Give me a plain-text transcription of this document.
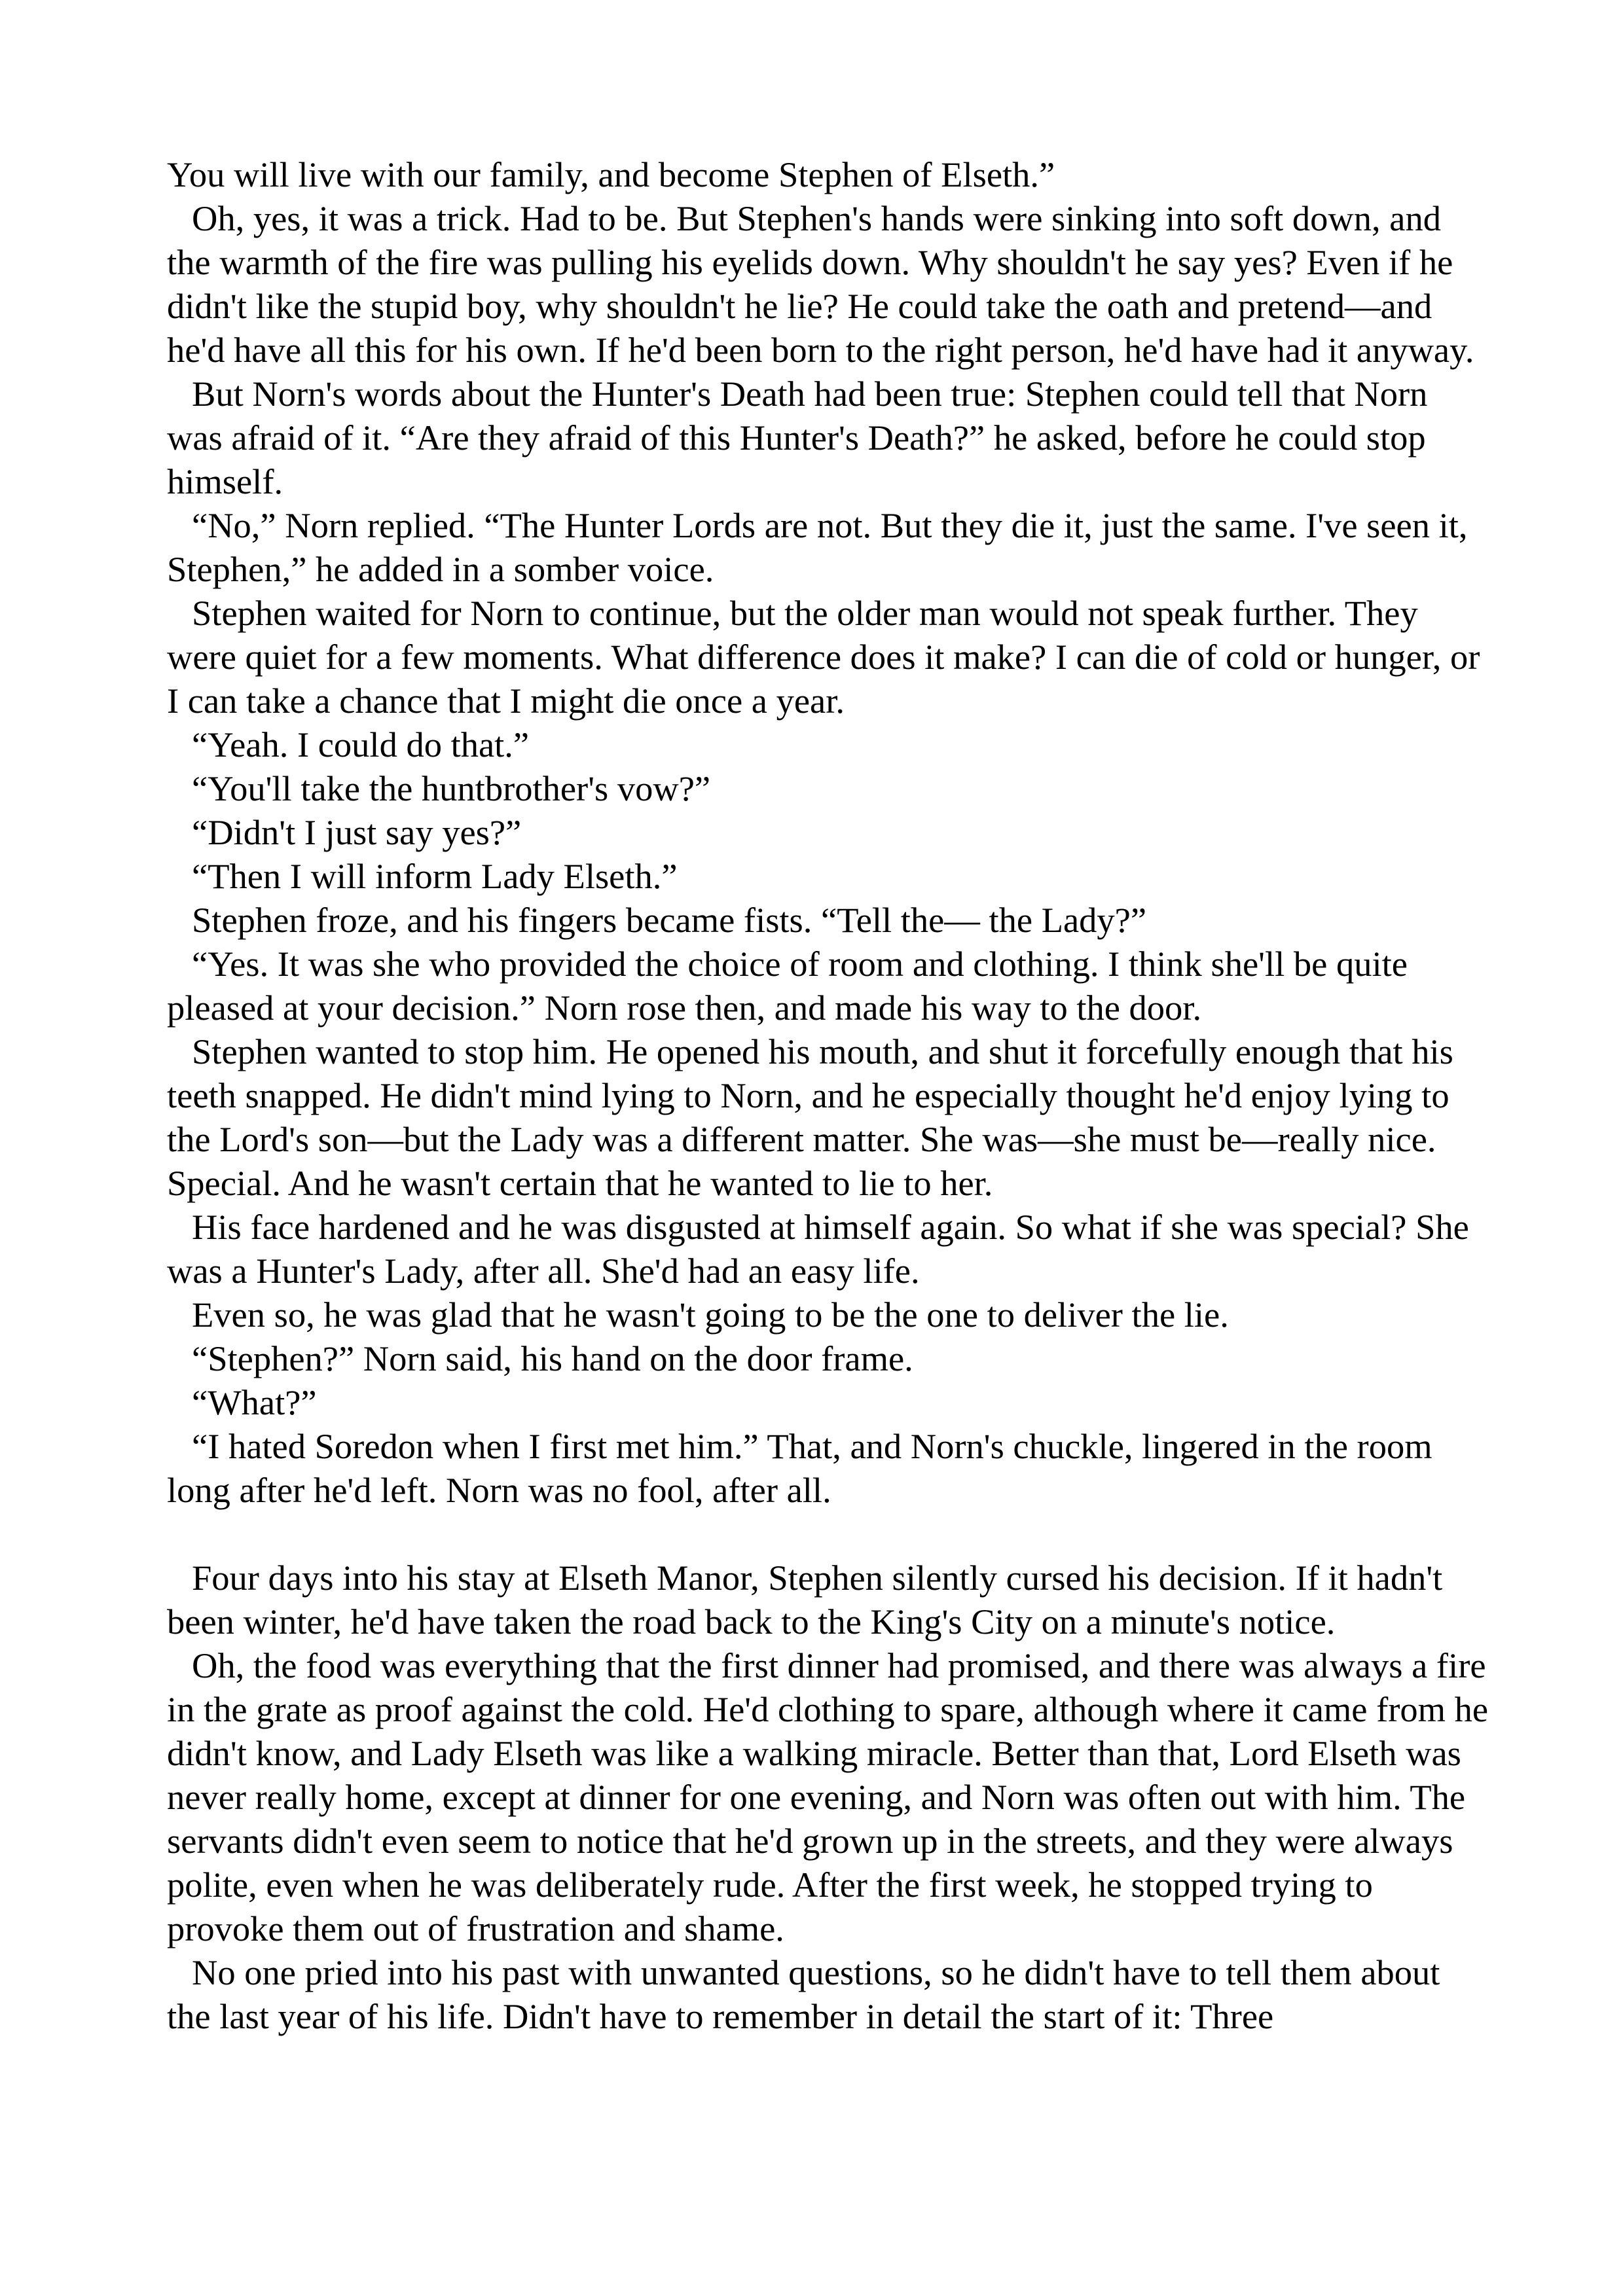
You will live with our family, and become Stephen of Elseth.”

Oh, yes, it was a trick. Had to be. But Stephen's hands were sinking into soft down, and the warmth of the fire was pulling his eyelids down. Why shouldn't he say yes? Even if he didn't like the stupid boy, why shouldn't he lie? He could take the oath and pretend—and he'd have all this for his own. If he'd been born to the right person, he'd have had it anyway.

But Norn's words about the Hunter's Death had been true: Stephen could tell that Norn was afraid of it. “Are they afraid of this Hunter's Death?” he asked, before he could stop himself.

“No,” Norn replied. “The Hunter Lords are not. But they die it, just the same. I've seen it, Stephen,” he added in a somber voice.

Stephen waited for Norn to continue, but the older man would not speak further. They were quiet for a few moments. What difference does it make? I can die of cold or hunger, or I can take a chance that I might die once a year.

“Yeah. I could do that.”

“You'll take the huntbrother's vow?”

“Didn't I just say yes?”

“Then I will inform Lady Elseth.”

Stephen froze, and his fingers became fists. “Tell the— the Lady?”

“Yes. It was she who provided the choice of room and clothing. I think she'll be quite pleased at your decision.” Norn rose then, and made his way to the door.

Stephen wanted to stop him. He opened his mouth, and shut it forcefully enough that his teeth snapped. He didn't mind lying to Norn, and he especially thought he'd enjoy lying to the Lord's son—but the Lady was a different matter. She was—she must be—really nice. Special. And he wasn't certain that he wanted to lie to her.

His face hardened and he was disgusted at himself again. So what if she was special? She was a Hunter's Lady, after all. She'd had an easy life.

Even so, he was glad that he wasn't going to be the one to deliver the lie.

“Stephen?” Norn said, his hand on the door frame.

“What?”

“I hated Soredon when I first met him.” That, and Norn's chuckle, lingered in the room long after he'd left. Norn was no fool, after all.

Four days into his stay at Elseth Manor, Stephen silently cursed his decision. If it hadn't been winter, he'd have taken the road back to the King's City on a minute's notice.

Oh, the food was everything that the first dinner had promised, and there was always a fire in the grate as proof against the cold. He'd clothing to spare, although where it came from he didn't know, and Lady Elseth was like a walking miracle. Better than that, Lord Elseth was never really home, except at dinner for one evening, and Norn was often out with him. The servants didn't even seem to notice that he'd grown up in the streets, and they were always polite, even when he was deliberately rude. After the first week, he stopped trying to provoke them out of frustration and shame.

No one pried into his past with unwanted questions, so he didn't have to tell them about the last year of his life. Didn't have to remember in detail the start of it: Three
